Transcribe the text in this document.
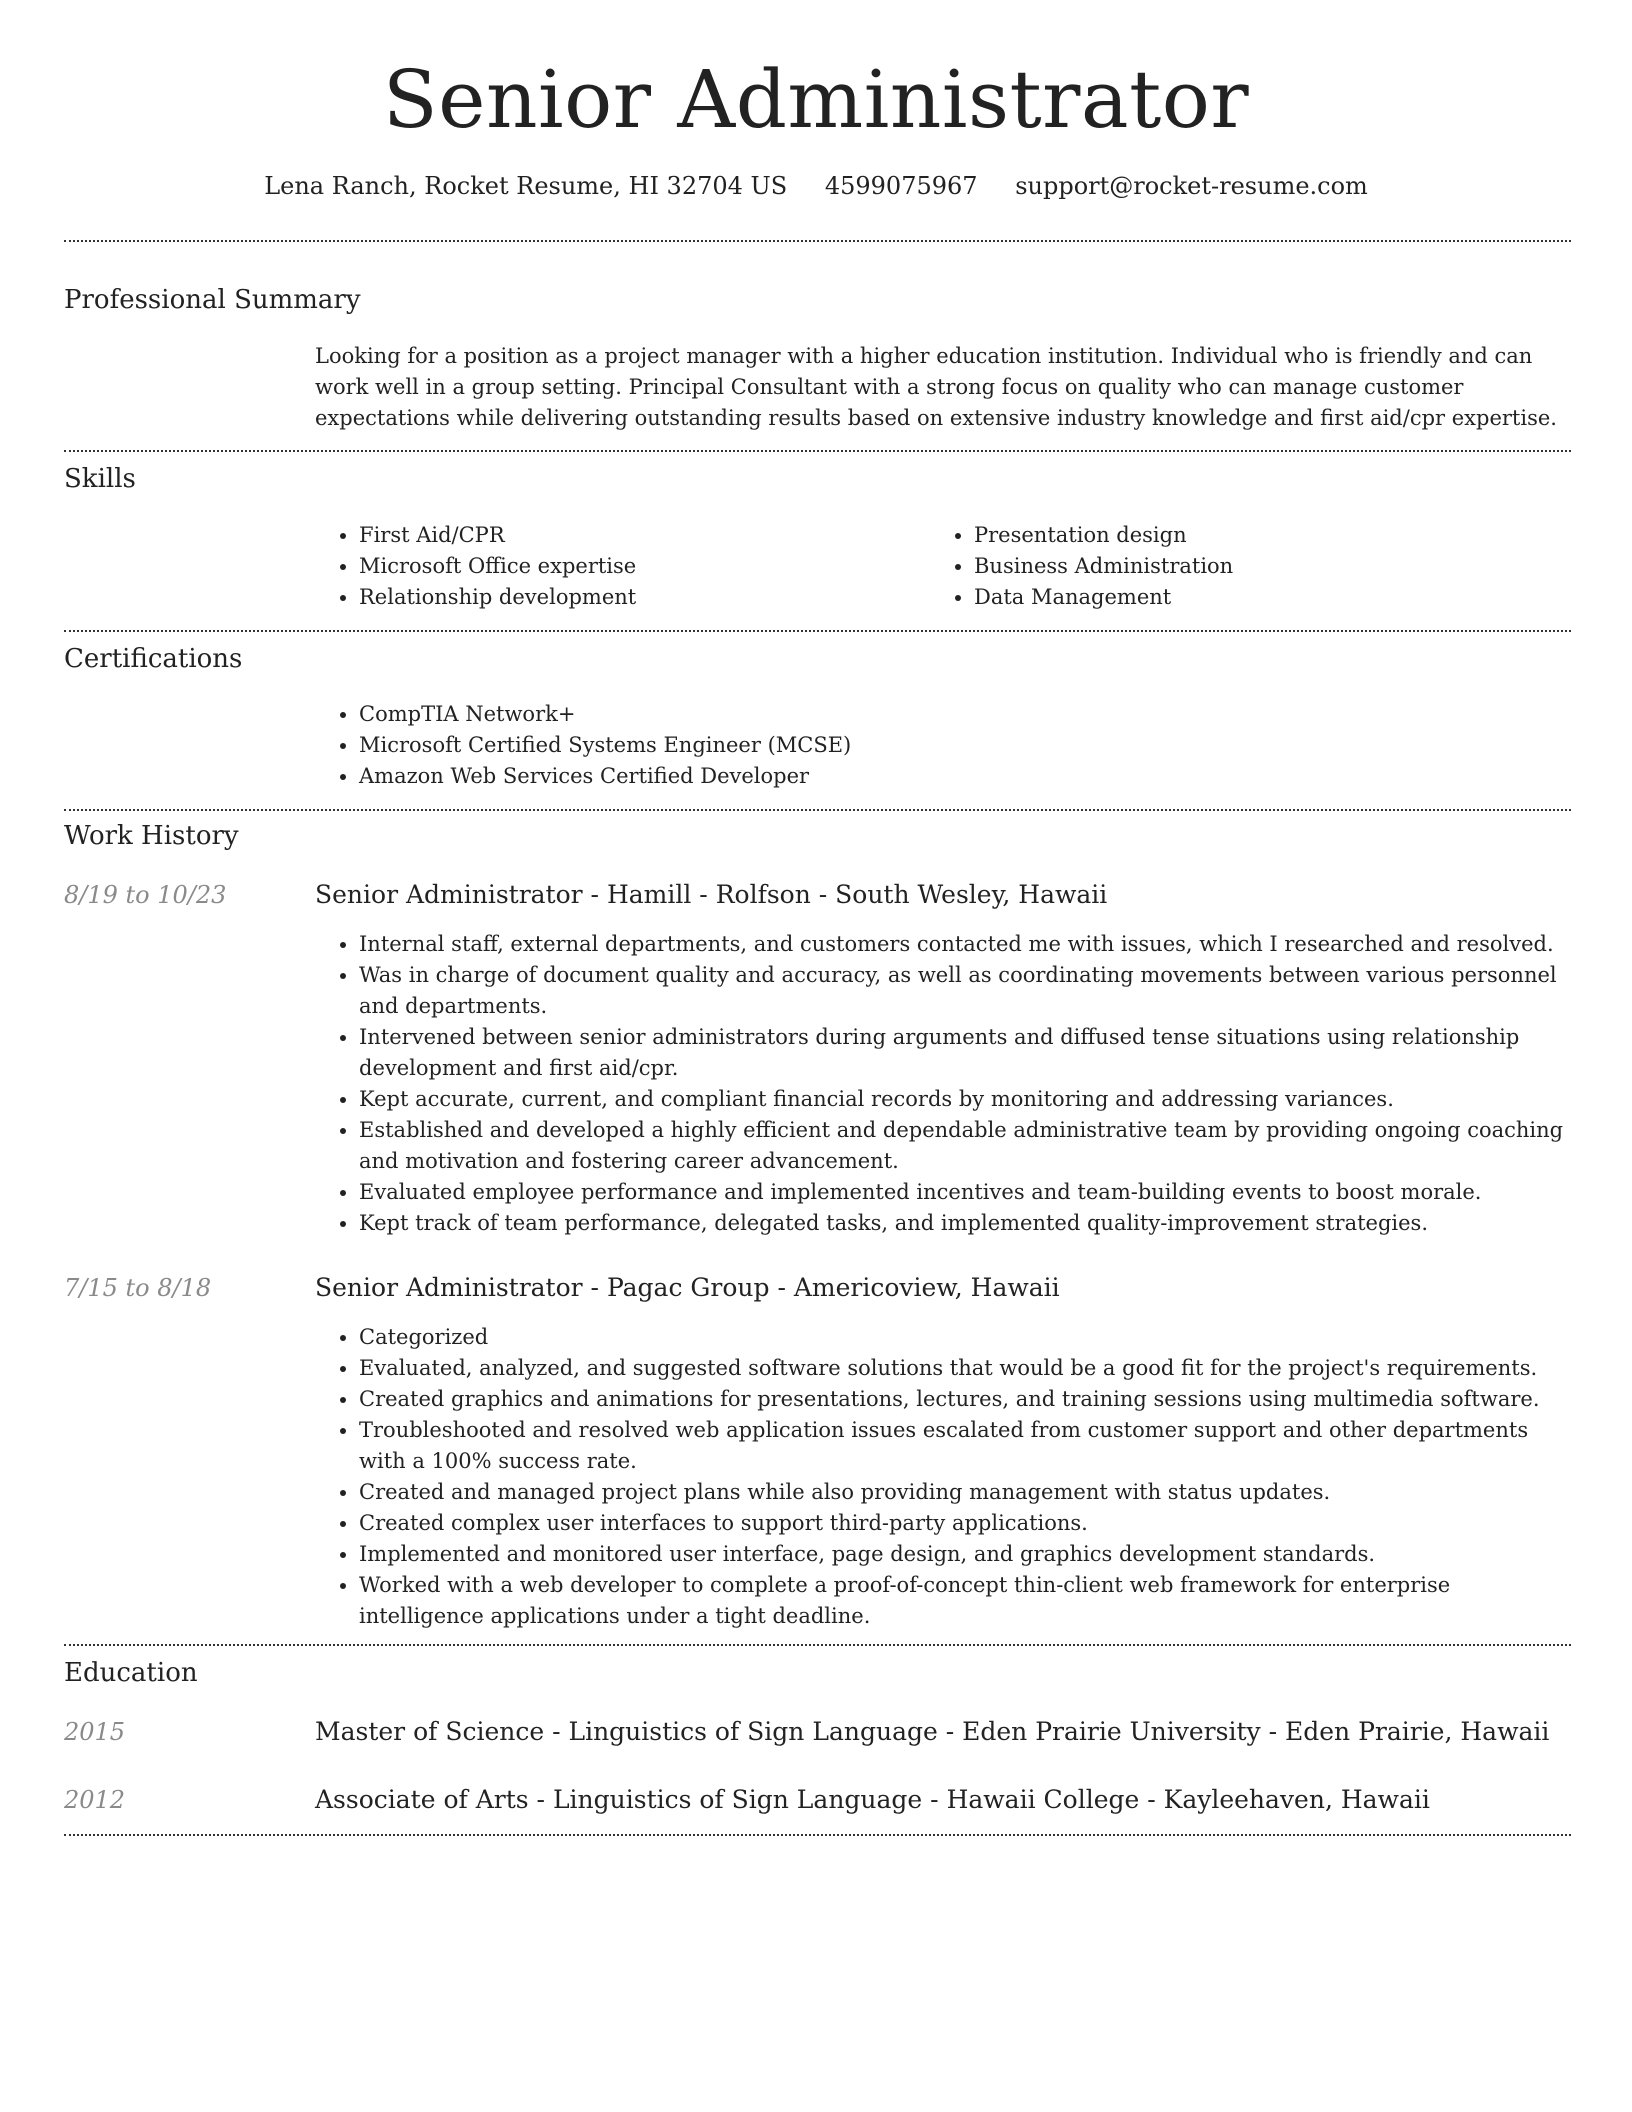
Senior Administrator
Lena Ranch, Rocket Resume, HI 32704 US 4599075967 support@rocket-resume.com
Professional Summary
Looking for a position as a project manager with a higher education institution. Individual who is friendly and can work well in a group setting. Principal Consultant with a strong focus on quality who can manage customer expectations while delivering outstanding results based on extensive industry knowledge and first aid/cpr expertise.
Skills
• First Aid/CPR
• Microsoft Office expertise
• Relationship development
• Presentation design
• Business Administration
• Data Management
Certifications
• CompTIA Network+
• Microsoft Certified Systems Engineer (MCSE)
• Amazon Web Services Certified Developer
Work History
8/19 to 10/23	Senior Administrator - Hamill - Rolfson - South Wesley, Hawaii
• Internal staff, external departments, and customers contacted me with issues, which I researched and resolved.
• Was in charge of document quality and accuracy, as well as coordinating movements between various personnel and departments.
• Intervened between senior administrators during arguments and diffused tense situations using relationship development and first aid/cpr.
• Kept accurate, current, and compliant financial records by monitoring and addressing variances.
• Established and developed a highly efficient and dependable administrative team by providing ongoing coaching and motivation and fostering career advancement.
• Evaluated employee performance and implemented incentives and team-building events to boost morale.
• Kept track of team performance, delegated tasks, and implemented quality-improvement strategies.
7/15 to 8/18	Senior Administrator - Pagac Group - Americoview, Hawaii
• Categorized
• Evaluated, analyzed, and suggested software solutions that would be a good fit for the project's requirements.
• Created graphics and animations for presentations, lectures, and training sessions using multimedia software.
• Troubleshooted and resolved web application issues escalated from customer support and other departments with a 100% success rate.
• Created and managed project plans while also providing management with status updates.
• Created complex user interfaces to support third-party applications.
• Implemented and monitored user interface, page design, and graphics development standards.
• Worked with a web developer to complete a proof-of-concept thin-client web framework for enterprise intelligence applications under a tight deadline.
Education
2015	Master of Science - Linguistics of Sign Language - Eden Prairie University - Eden Prairie, Hawaii
2012	Associate of Arts - Linguistics of Sign Language - Hawaii College - Kayleehaven, Hawaii
